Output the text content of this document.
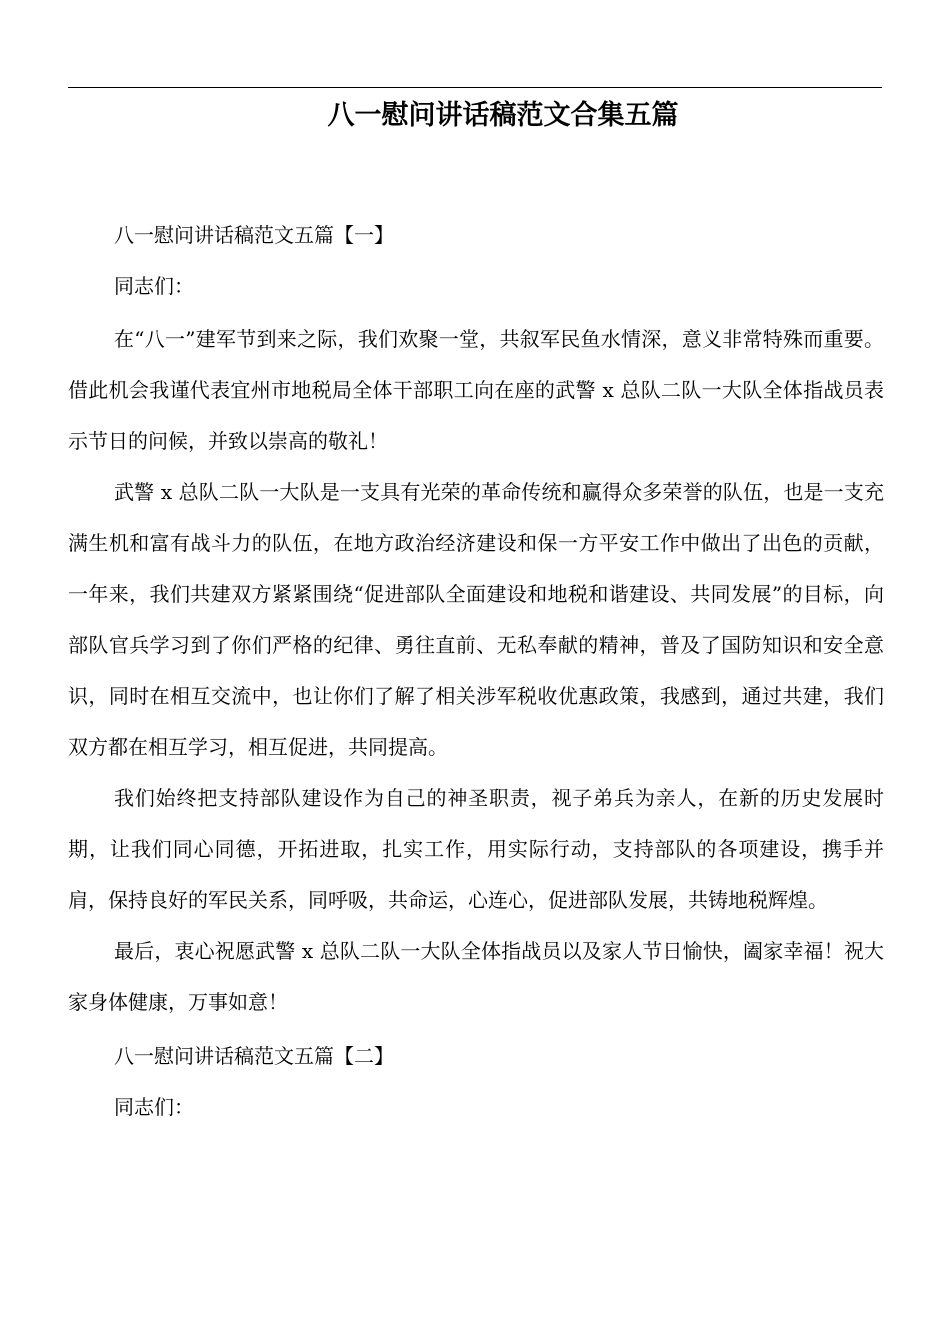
八一慰问讲话稿范文合集五篇

八一慰问讲话稿范文五篇【一】

同志们：

在“八一”建军节到来之际，我们欢聚一堂，共叙军民鱼水情深，意义非常特殊而重要。借此机会我谨代表宜州市地税局全体干部职工向在座的武警 x 总队二队一大队全体指战员表示节日的问候，并致以崇高的敬礼！

武警 x 总队二队一大队是一支具有光荣的革命传统和赢得众多荣誉的队伍，也是一支充满生机和富有战斗力的队伍，在地方政治经济建设和保一方平安工作中做出了出色的贡献，一年来，我们共建双方紧紧围绕“促进部队全面建设和地税和谐建设、共同发展”的目标，向部队官兵学习到了你们严格的纪律、勇往直前、无私奉献的精神，普及了国防知识和安全意识，同时在相互交流中，也让你们了解了相关涉军税收优惠政策，我感到，通过共建，我们双方都在相互学习，相互促进，共同提高。

我们始终把支持部队建设作为自己的神圣职责，视子弟兵为亲人，在新的历史发展时期，让我们同心同德，开拓进取，扎实工作，用实际行动，支持部队的各项建设，携手并肩，保持良好的军民关系，同呼吸，共命运，心连心，促进部队发展，共铸地税辉煌。

最后，衷心祝愿武警 x 总队二队一大队全体指战员以及家人节日愉快，阖家幸福！祝大家身体健康，万事如意！

八一慰问讲话稿范文五篇【二】

同志们：
